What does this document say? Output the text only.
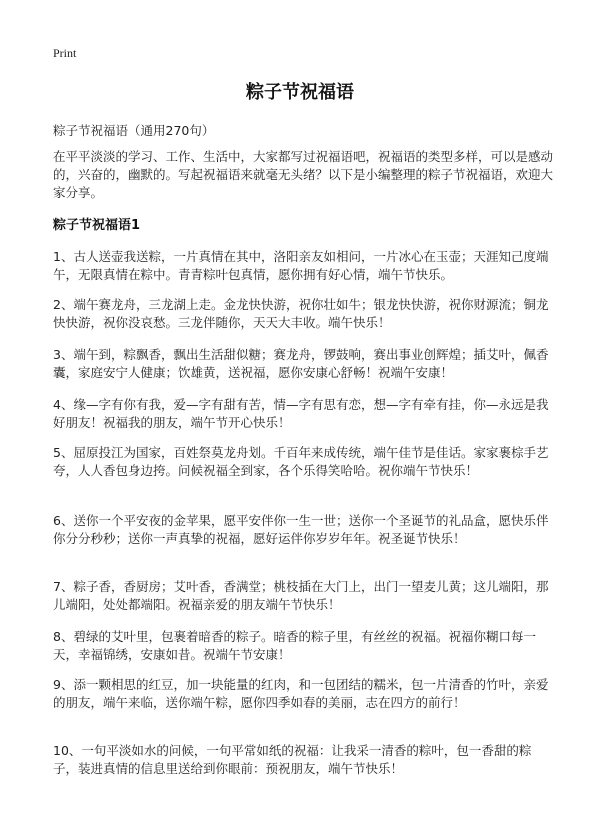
Print
粽子节祝福语
粽子节祝福语（通用270句）

在平平淡淡的学习、工作、生活中，大家都写过祝福语吧，祝福语的类型多样，可以是感动的，兴奋的，幽默的。写起祝福语来就毫无头绪？以下是小编整理的粽子节祝福语，欢迎大家分享。

粽子节祝福语1

1、古人送壶我送粽，一片真情在其中，洛阳亲友如相问，一片冰心在玉壶；天涯知己度端午，无限真情在粽中。青青粽叶包真情，愿你拥有好心情，端午节快乐。

2、端午赛龙舟，三龙湖上走。金龙快快游，祝你壮如牛；银龙快快游，祝你财源流；铜龙快快游，祝你没哀愁。三龙伴随你，天天大丰收。端午快乐！

3、端午到，粽飘香，飘出生活甜似糖；赛龙舟，锣鼓响，赛出事业创辉煌；插艾叶，佩香囊，家庭安宁人健康；饮雄黄，送祝福，愿你安康心舒畅！祝端午安康！

4、缘—字有你有我，爱—字有甜有苦，情—字有思有恋，想—字有牵有挂，你—永远是我好朋友！祝福我的朋友，端午节开心快乐！

5、屈原投江为国家，百姓祭莫龙舟划。千百年来成传统，端午佳节是佳话。家家裹棕手艺夸，人人香包身边挎。问候祝福全到家，各个乐得笑哈哈。祝你端午节快乐！

6、送你一个平安夜的金苹果，愿平安伴你一生一世；送你一个圣诞节的礼品盒，愿快乐伴你分分秒秒；送你一声真挚的祝福，愿好运伴你岁岁年年。祝圣诞节快乐！

7、粽子香，香厨房；艾叶香，香满堂；桃枝插在大门上，出门一望麦儿黄；这儿端阳，那儿端阳，处处都端阳。祝福亲爱的朋友端午节快乐！

8、碧绿的艾叶里，包裹着暗香的粽子。暗香的粽子里，有丝丝的祝福。祝福你糊口每一天，幸福锦绣，安康如昔。祝端午节安康！

9、添一颗相思的红豆，加一块能量的红肉，和一包团结的糯米，包一片清香的竹叶，亲爱的朋友，端午来临，送你端午粽，愿你四季如春的美丽，志在四方的前行！

10、一句平淡如水的问候，一句平常如纸的祝福：让我采一清香的粽叶，包一香甜的粽子，装进真情的信息里送给到你眼前：预祝朋友，端午节快乐！
